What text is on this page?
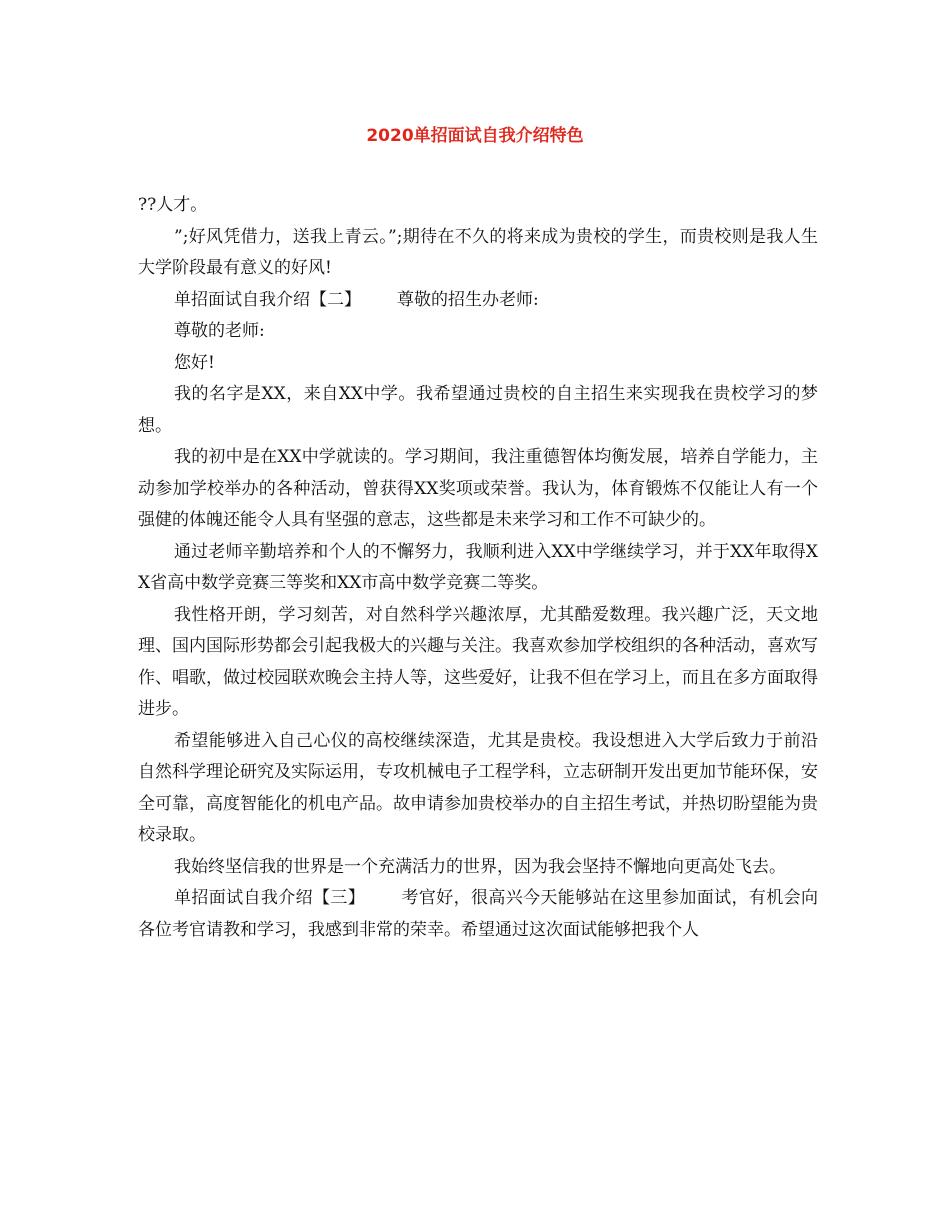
2020单招面试自我介绍特色

??人才。

”;好风凭借力，送我上青云。”;期待在不久的将来成为贵校的学生，而贵校则是我人生大学阶段最有意义的好风!

单招面试自我介绍【二】 尊敬的招生办老师:

尊敬的老师:

您好!

我的名字是XX，来自XX中学。我希望通过贵校的自主招生来实现我在贵校学习的梦想。

我的初中是在XX中学就读的。学习期间，我注重德智体均衡发展，培养自学能力，主动参加学校举办的各种活动，曾获得XX奖项或荣誉。我认为，体育锻炼不仅能让人有一个强健的体魄还能令人具有坚强的意志，这些都是未来学习和工作不可缺少的。

通过老师辛勤培养和个人的不懈努力，我顺利进入XX中学继续学习，并于XX年取得XX省高中数学竞赛三等奖和XX市高中数学竞赛二等奖。

我性格开朗，学习刻苦，对自然科学兴趣浓厚，尤其酷爱数理。我兴趣广泛，天文地理、国内国际形势都会引起我极大的兴趣与关注。我喜欢参加学校组织的各种活动，喜欢写作、唱歌，做过校园联欢晚会主持人等，这些爱好，让我不但在学习上，而且在多方面取得进步。

希望能够进入自己心仪的高校继续深造，尤其是贵校。我设想进入大学后致力于前沿自然科学理论研究及实际运用，专攻机械电子工程学科，立志研制开发出更加节能环保，安全可靠，高度智能化的机电产品。故申请参加贵校举办的自主招生考试，并热切盼望能为贵校录取。

我始终坚信我的世界是一个充满活力的世界，因为我会坚持不懈地向更高处飞去。

单招面试自我介绍【三】 考官好，很高兴今天能够站在这里参加面试，有机会向各位考官请教和学习，我感到非常的荣幸。希望通过这次面试能够把我个人
